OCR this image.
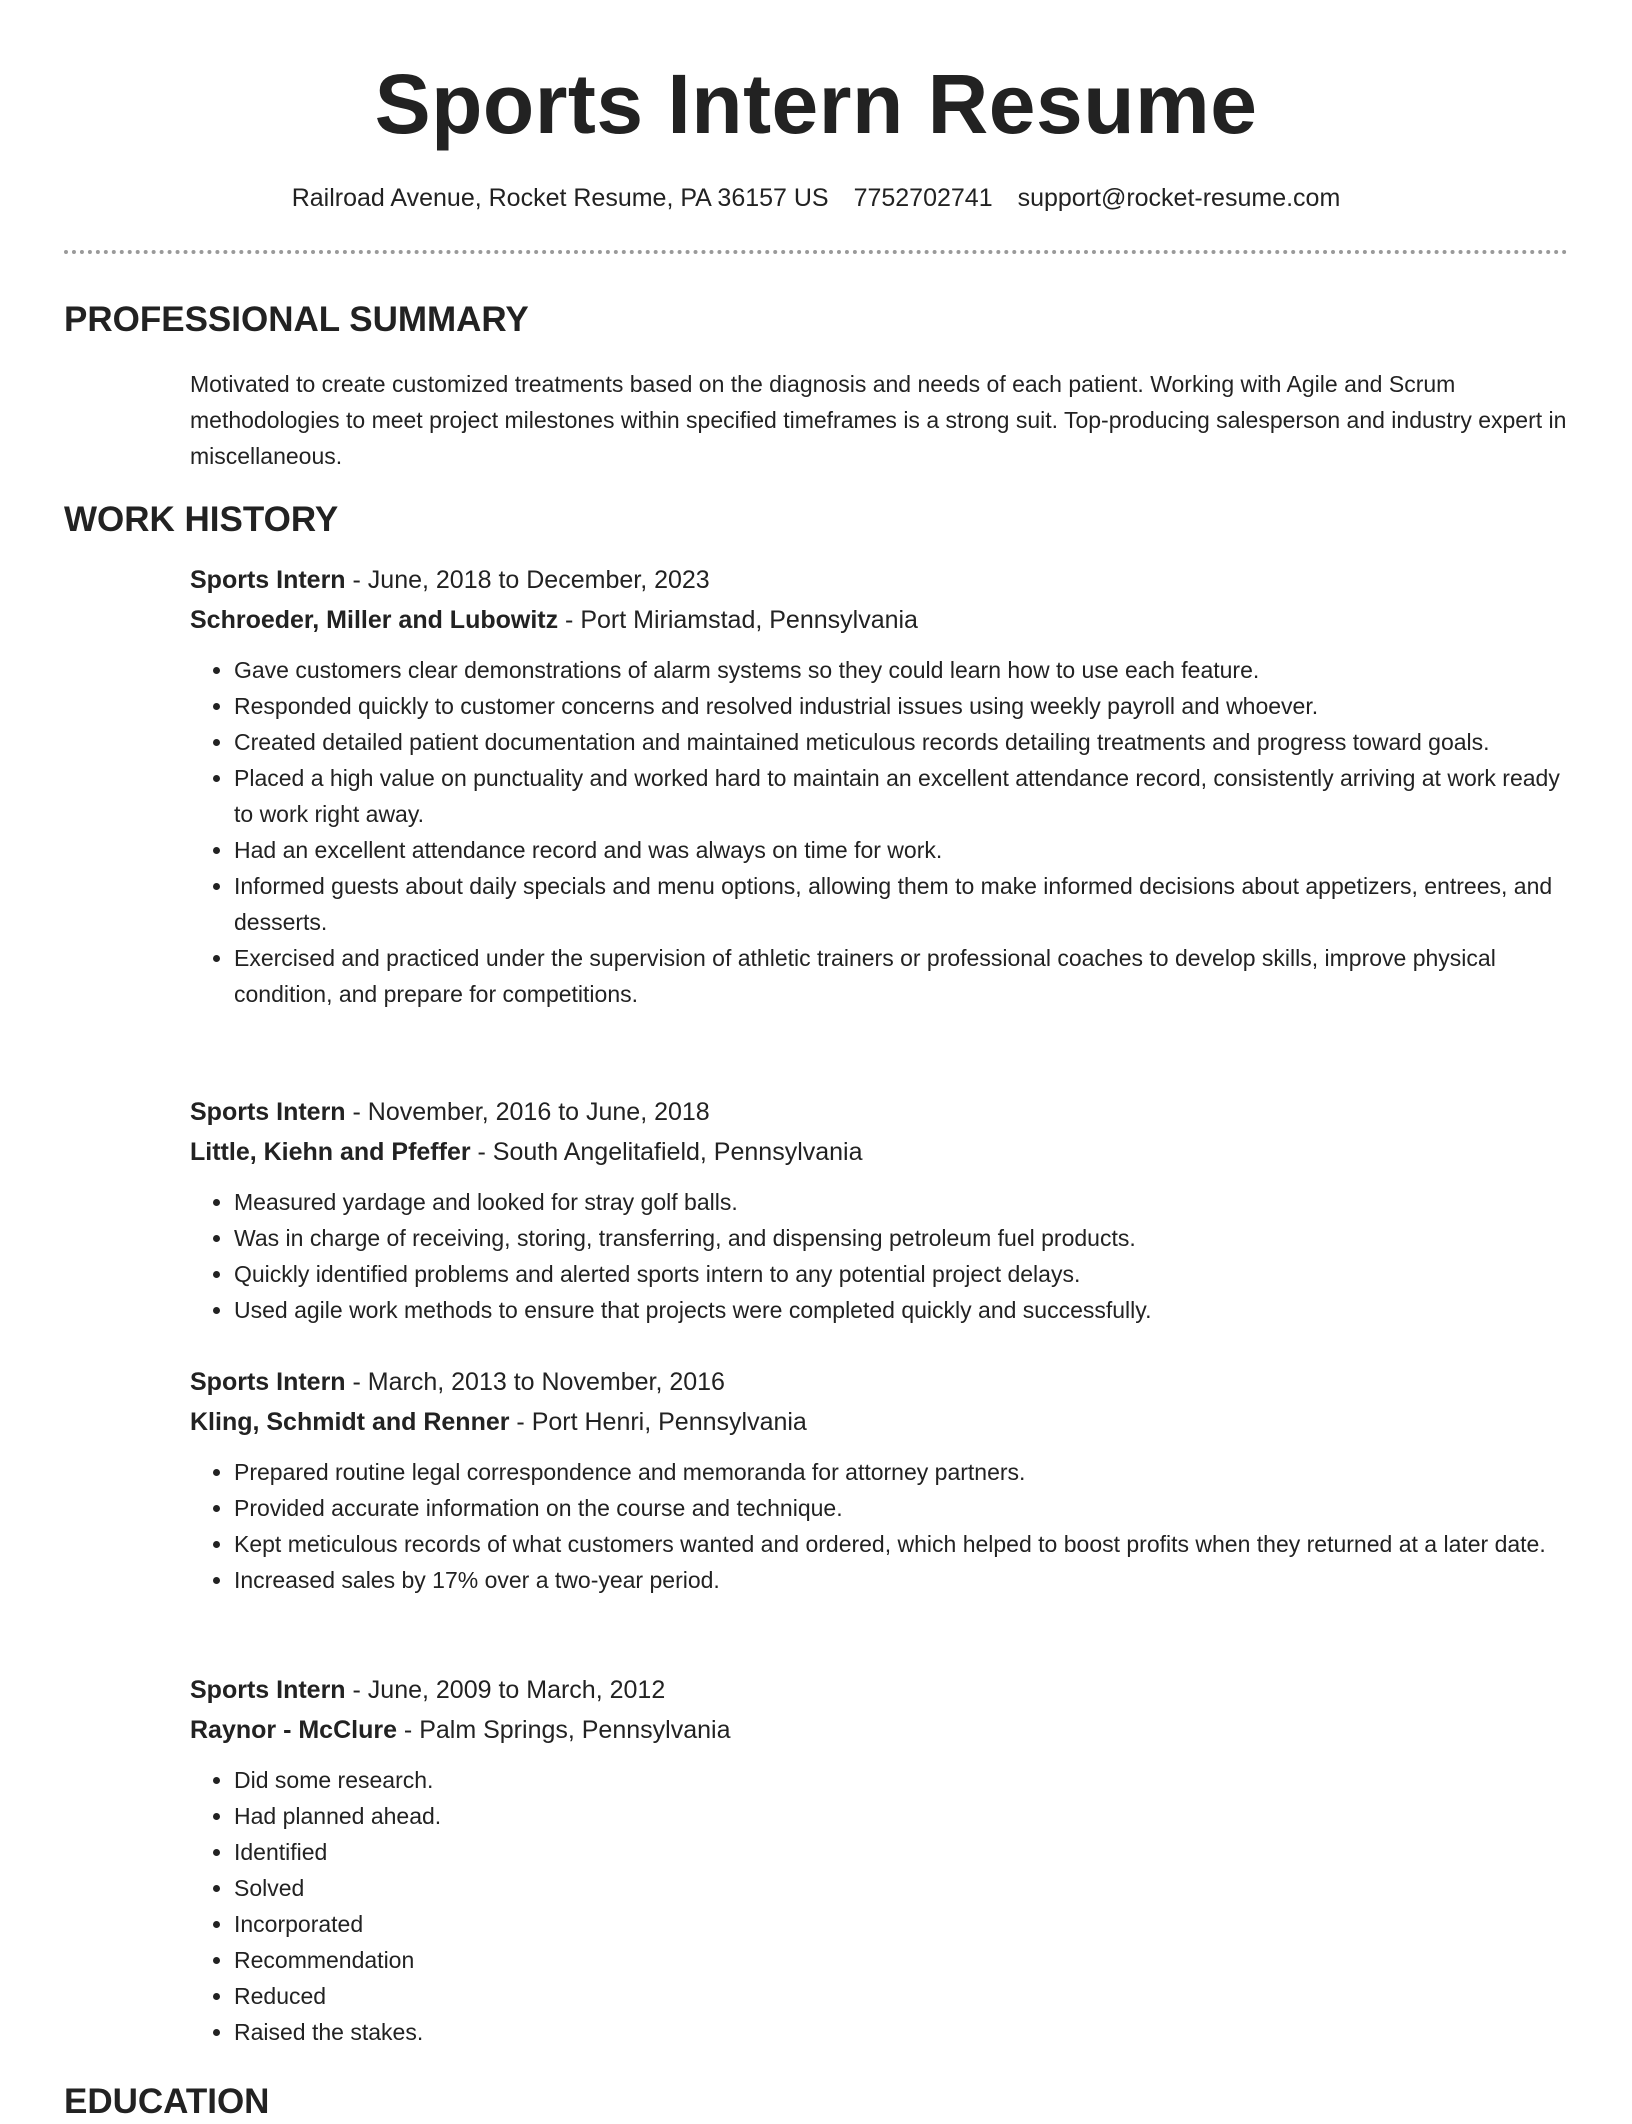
Sports Intern Resume
Railroad Avenue, Rocket Resume, PA 36157 US 7752702741 support@rocket-resume.com
PROFESSIONAL SUMMARY
Motivated to create customized treatments based on the diagnosis and needs of each patient. Working with Agile and Scrum methodologies to meet project milestones within specified timeframes is a strong suit. Top-producing salesperson and industry expert in miscellaneous.
WORK HISTORY
Sports Intern - June, 2018 to December, 2023
Schroeder, Miller and Lubowitz - Port Miriamstad, Pennsylvania
• Gave customers clear demonstrations of alarm systems so they could learn how to use each feature.
• Responded quickly to customer concerns and resolved industrial issues using weekly payroll and whoever.
• Created detailed patient documentation and maintained meticulous records detailing treatments and progress toward goals.
• Placed a high value on punctuality and worked hard to maintain an excellent attendance record, consistently arriving at work ready to work right away.
• Had an excellent attendance record and was always on time for work.
• Informed guests about daily specials and menu options, allowing them to make informed decisions about appetizers, entrees, and desserts.
• Exercised and practiced under the supervision of athletic trainers or professional coaches to develop skills, improve physical condition, and prepare for competitions.
Sports Intern - November, 2016 to June, 2018
Little, Kiehn and Pfeffer - South Angelitafield, Pennsylvania
• Measured yardage and looked for stray golf balls.
• Was in charge of receiving, storing, transferring, and dispensing petroleum fuel products.
• Quickly identified problems and alerted sports intern to any potential project delays.
• Used agile work methods to ensure that projects were completed quickly and successfully.
Sports Intern - March, 2013 to November, 2016
Kling, Schmidt and Renner - Port Henri, Pennsylvania
• Prepared routine legal correspondence and memoranda for attorney partners.
• Provided accurate information on the course and technique.
• Kept meticulous records of what customers wanted and ordered, which helped to boost profits when they returned at a later date.
• Increased sales by 17% over a two-year period.
Sports Intern - June, 2009 to March, 2012
Raynor - McClure - Palm Springs, Pennsylvania
• Did some research.
• Had planned ahead.
• Identified
• Solved
• Incorporated
• Recommendation
• Reduced
• Raised the stakes.
EDUCATION
